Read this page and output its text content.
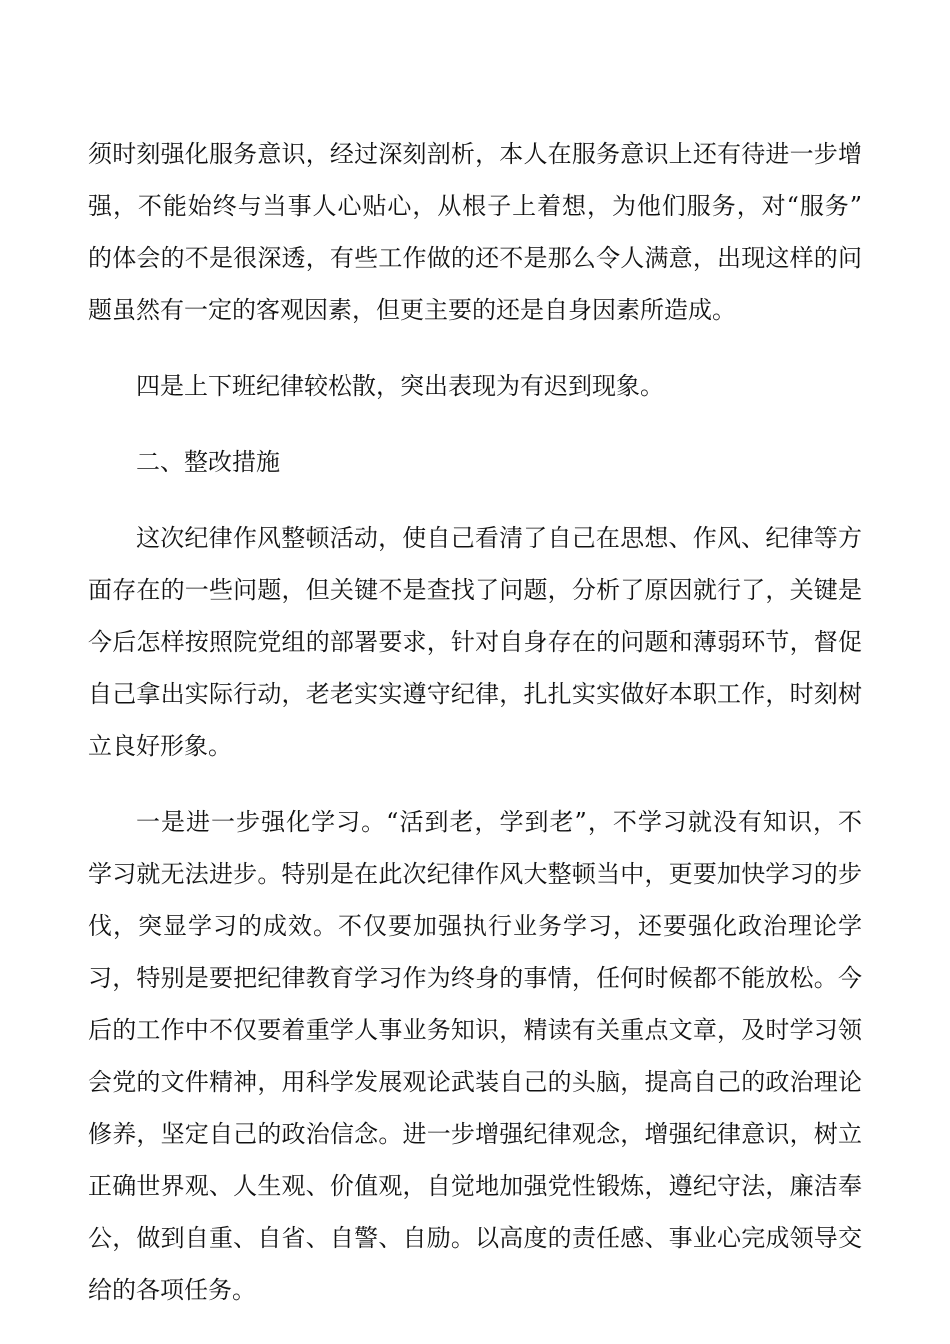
须时刻强化服务意识，经过深刻剖析，本人在服务意识上还有待进一步增
强，不能始终与当事人心贴心，从根子上着想，为他们服务，对“服务”
的体会的不是很深透，有些工作做的还不是那么令人满意，出现这样的问
题虽然有一定的客观因素，但更主要的还是自身因素所造成。
四是上下班纪律较松散，突出表现为有迟到现象。
二、整改措施
这次纪律作风整顿活动，使自己看清了自己在思想、作风、纪律等方
面存在的一些问题，但关键不是查找了问题，分析了原因就行了，关键是
今后怎样按照院党组的部署要求，针对自身存在的问题和薄弱环节，督促
自己拿出实际行动，老老实实遵守纪律，扎扎实实做好本职工作，时刻树
立良好形象。
一是进一步强化学习。“活到老，学到老”，不学习就没有知识，不
学习就无法进步。特别是在此次纪律作风大整顿当中，更要加快学习的步
伐，突显学习的成效。不仅要加强执行业务学习，还要强化政治理论学
习，特别是要把纪律教育学习作为终身的事情，任何时候都不能放松。今
后的工作中不仅要着重学人事业务知识，精读有关重点文章，及时学习领
会党的文件精神，用科学发展观论武装自己的头脑，提高自己的政治理论
修养，坚定自己的政治信念。进一步增强纪律观念，增强纪律意识，树立
正确世界观、人生观、价值观，自觉地加强党性锻炼，遵纪守法，廉洁奉
公，做到自重、自省、自警、自励。以高度的责任感、事业心完成领导交
给的各项任务。
